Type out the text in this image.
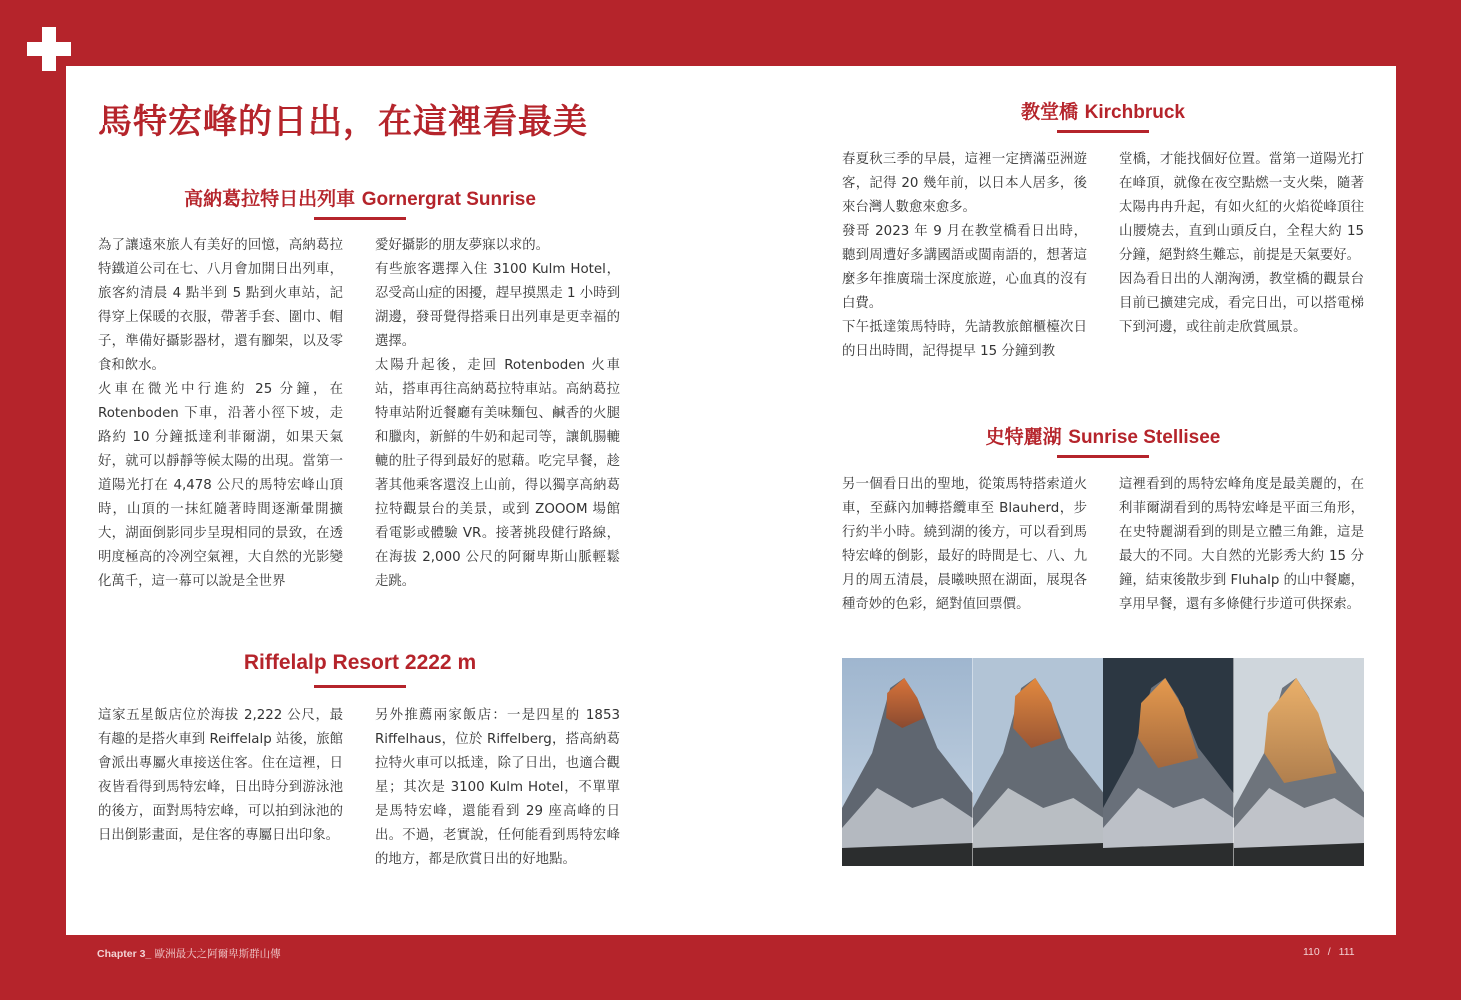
馬特宏峰的日出，在這裡看最美
高納葛拉特日出列車 Gornergrat Sunrise

為了讓遠來旅人有美好的回憶，高納葛拉特鐵道公司在七、八月會加開日出列車，旅客約清晨 4 點半到 5 點到火車站，記得穿上保暖的衣服，帶著手套、圍巾、帽子，準備好攝影器材，還有腳架，以及零食和飲水。

火車在微光中行進約 25 分鐘，在 Rotenboden 下車，沿著小徑下坡，走路約 10 分鐘抵達利菲爾湖，如果天氣好，就可以靜靜等候太陽的出現。當第一道陽光打在 4,478 公尺的馬特宏峰山頂時，山頂的一抹紅隨著時間逐漸暈開擴大，湖面倒影同步呈現相同的景致，在透明度極高的冷冽空氣裡，大自然的光影變化萬千，這一幕可以說是全世界

愛好攝影的朋友夢寐以求的。

有些旅客選擇入住 3100 Kulm Hotel，忍受高山症的困擾，趕早摸黑走 1 小時到湖邊，發哥覺得搭乘日出列車是更幸福的選擇。

太陽升起後，走回 Rotenboden 火車站，搭車再往高納葛拉特車站。高納葛拉特車站附近餐廳有美味麵包、鹹香的火腿和臘肉，新鮮的牛奶和起司等，讓飢腸轆轆的肚子得到最好的慰藉。吃完早餐，趁著其他乘客還沒上山前，得以獨享高納葛拉特觀景台的美景，或到 ZOOOM 場館看電影或體驗 VR。接著挑段健行路線，在海拔 2,000 公尺的阿爾卑斯山脈輕鬆走跳。

Riffelalp Resort 2222 m

這家五星飯店位於海拔 2,222 公尺，最有趣的是搭火車到 Reiffelalp 站後，旅館會派出專屬火車接送住客。住在這裡，日夜皆看得到馬特宏峰，日出時分到游泳池的後方，面對馬特宏峰，可以拍到泳池的日出倒影畫面，是住客的專屬日出印象。

另外推薦兩家飯店：一是四星的 1853 Riffelhaus，位於 Riffelberg，搭高納葛拉特火車可以抵達，除了日出，也適合觀星；其次是 3100 Kulm Hotel，不單單是馬特宏峰，還能看到 29 座高峰的日出。不過，老實說，任何能看到馬特宏峰的地方，都是欣賞日出的好地點。

教堂橋 Kirchbruck

春夏秋三季的早晨，這裡一定擠滿亞洲遊客，記得 20 幾年前，以日本人居多，後來台灣人數愈來愈多。

發哥 2023 年 9 月在教堂橋看日出時，聽到周遭好多講國語或閩南語的，想著這麼多年推廣瑞士深度旅遊，心血真的沒有白費。

下午抵達策馬特時，先請教旅館櫃檯次日的日出時間，記得提早 15 分鐘到教

堂橋，才能找個好位置。當第一道陽光打在峰頂，就像在夜空點燃一支火柴，隨著太陽冉冉升起，有如火紅的火焰從峰頂往山腰燒去，直到山頭反白，全程大約 15 分鐘，絕對終生難忘，前提是天氣要好。

因為看日出的人潮洶湧，教堂橋的觀景台目前已擴建完成，看完日出，可以搭電梯下到河邊，或往前走欣賞風景。

史特麗湖 Sunrise Stellisee

另一個看日出的聖地，從策馬特搭索道火車，至蘇內加轉搭纜車至 Blauherd，步行約半小時。繞到湖的後方，可以看到馬特宏峰的倒影，最好的時間是七、八、九月的周五清晨，晨曦映照在湖面，展現各種奇妙的色彩，絕對值回票價。

這裡看到的馬特宏峰角度是最美麗的，在利菲爾湖看到的馬特宏峰是平面三角形，在史特麗湖看到的則是立體三角錐，這是最大的不同。大自然的光影秀大約 15 分鐘，結束後散步到 Fluhalp 的山中餐廳，享用早餐，還有多條健行步道可供探索。

Chapter 3_ 歐洲最大之阿爾卑斯群山傳	110 / 111
